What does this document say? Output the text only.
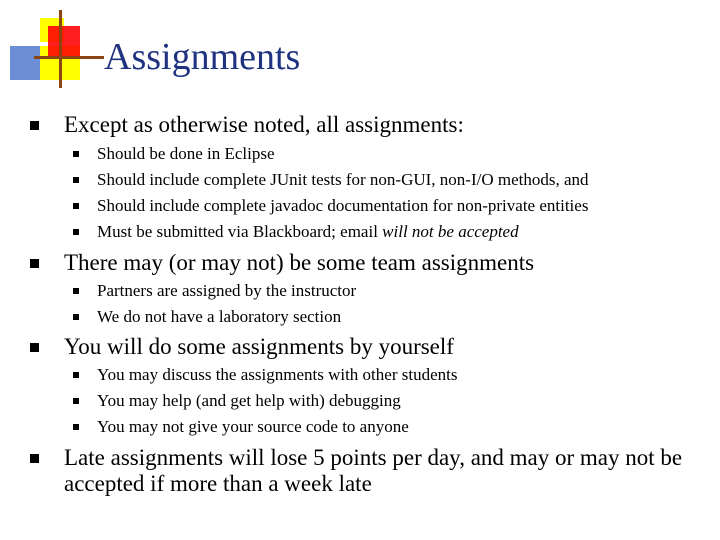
Assignments
Except as otherwise noted, all assignments:
Should be done in Eclipse
Should include complete JUnit tests for non-GUI, non-I/O methods, and
Should include complete javadoc documentation for non-private entities
Must be submitted via Blackboard; email will not be accepted
There may (or may not) be some team assignments
Partners are assigned by the instructor
We do not have a laboratory section
You will do some assignments by yourself
You may discuss the assignments with other students
You may help (and get help with) debugging
You may not give your source code to anyone
Late assignments will lose 5 points per day, and may or may not be accepted if more than a week late
